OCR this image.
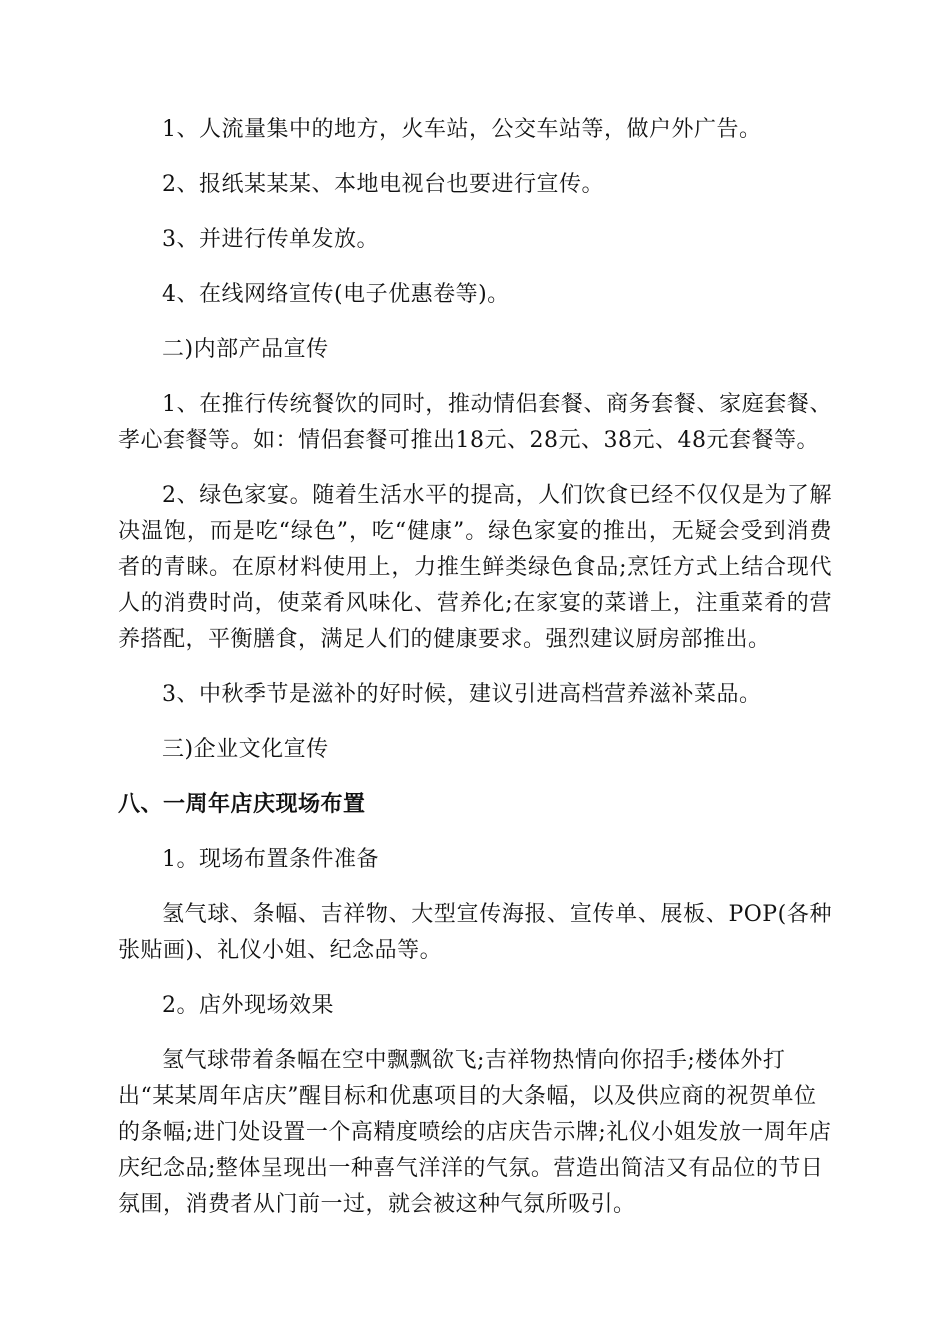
1、人流量集中的地方，火车站，公交车站等，做户外广告。

2、报纸某某某、本地电视台也要进行宣传。

3、并进行传单发放。

4、在线网络宣传(电子优惠卷等)。

二)内部产品宣传

1、在推行传统餐饮的同时，推动情侣套餐、商务套餐、家庭套餐、孝心套餐等。如：情侣套餐可推出18元、28元、38元、48元套餐等。

2、绿色家宴。随着生活水平的提高，人们饮食已经不仅仅是为了解决温饱，而是吃“绿色”，吃“健康”。绿色家宴的推出，无疑会受到消费者的青睐。在原材料使用上，力推生鲜类绿色食品;烹饪方式上结合现代人的消费时尚，使菜肴风味化、营养化;在家宴的菜谱上，注重菜肴的营养搭配，平衡膳食，满足人们的健康要求。强烈建议厨房部推出。

3、中秋季节是滋补的好时候，建议引进高档营养滋补菜品。

三)企业文化宣传

八、一周年店庆现场布置

1。现场布置条件准备

氢气球、条幅、吉祥物、大型宣传海报、宣传单、展板、POP(各种张贴画)、礼仪小姐、纪念品等。

2。店外现场效果

氢气球带着条幅在空中飘飘欲飞;吉祥物热情向你招手;楼体外打
出“某某周年店庆”醒目标和优惠项目的大条幅，以及供应商的祝贺单位
的条幅;进门处设置一个高精度喷绘的店庆告示牌;礼仪小姐发放一周年店
庆纪念品;整体呈现出一种喜气洋洋的气氛。营造出简洁又有品位的节日
氛围，消费者从门前一过，就会被这种气氛所吸引。
